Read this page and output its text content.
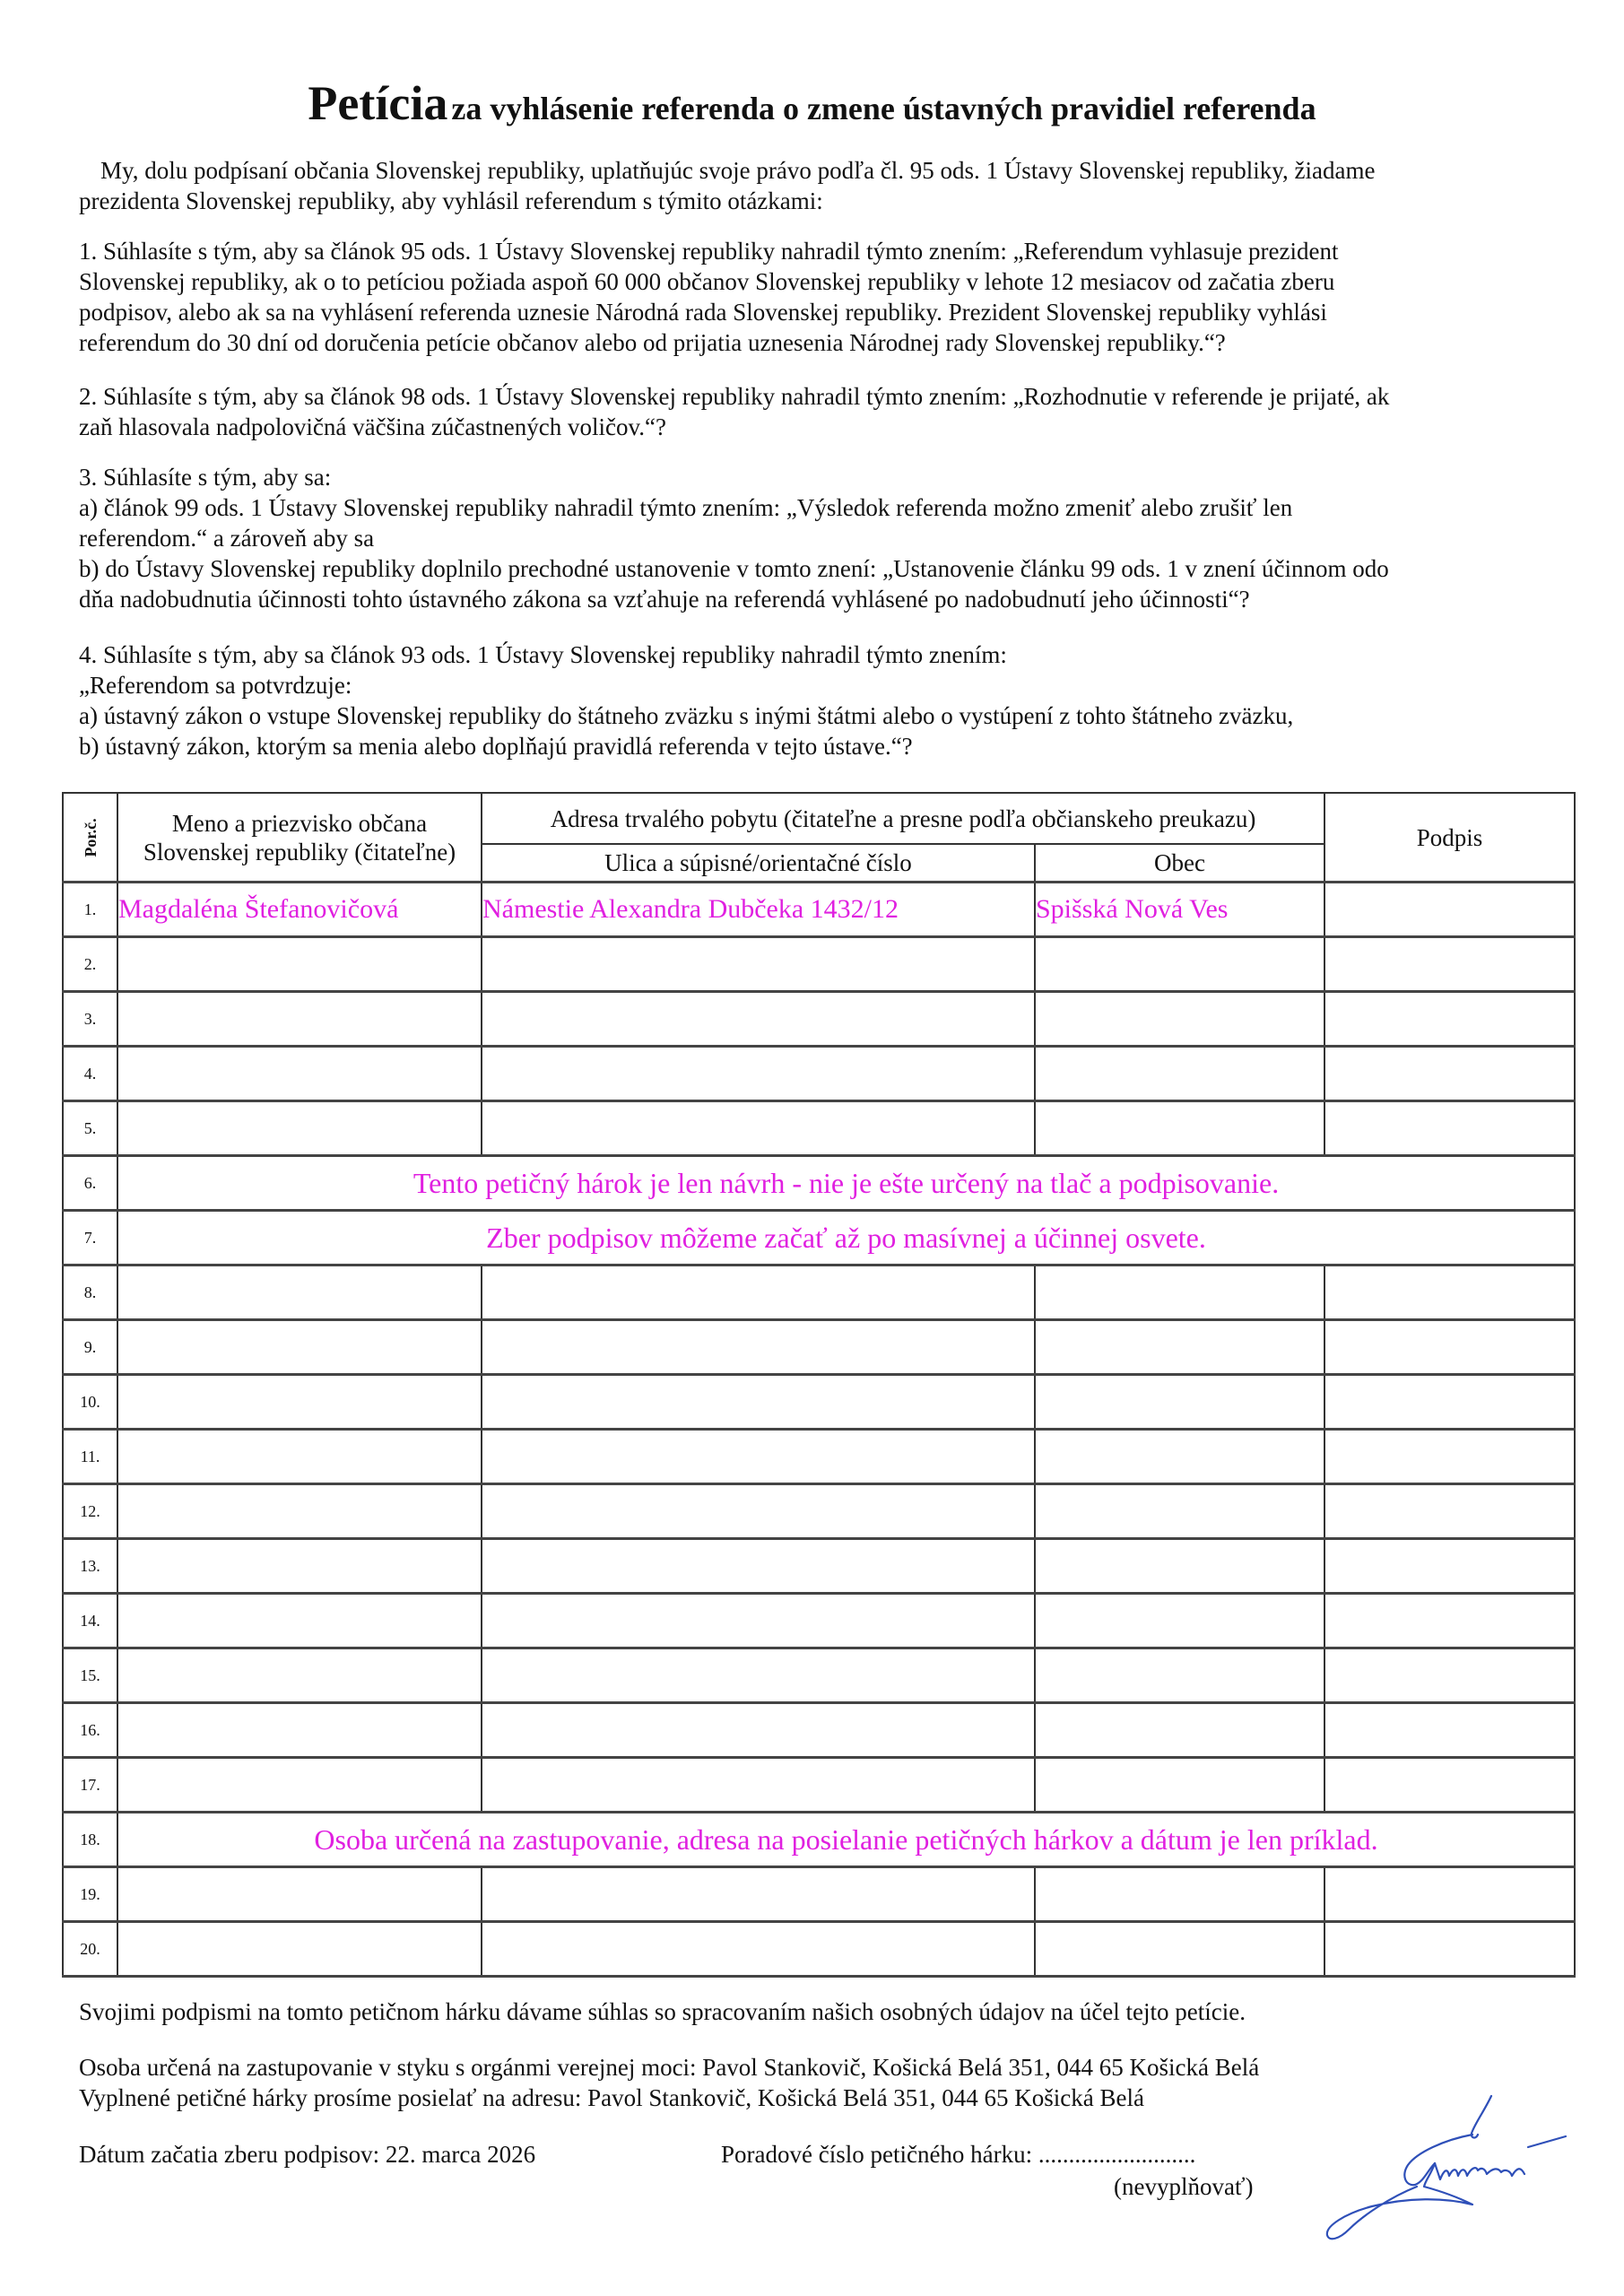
Petícia za vyhlásenie referenda o zmene ústavných pravidiel referenda

My, dolu podpísaní občania Slovenskej republiky, uplatňujúc svoje právo podľa čl. 95 ods. 1 Ústavy Slovenskej republiky, žiadame
prezidenta Slovenskej republiky, aby vyhlásil referendum s týmito otázkami:

1. Súhlasíte s tým, aby sa článok 95 ods. 1 Ústavy Slovenskej republiky nahradil týmto znením: „Referendum vyhlasuje prezident
Slovenskej republiky, ak o to petíciou požiada aspoň 60 000 občanov Slovenskej republiky v lehote 12 mesiacov od začatia zberu
podpisov, alebo ak sa na vyhlásení referenda uznesie Národná rada Slovenskej republiky. Prezident Slovenskej republiky vyhlási
referendum do 30 dní od doručenia petície občanov alebo od prijatia uznesenia Národnej rady Slovenskej republiky.“?

2. Súhlasíte s tým, aby sa článok 98 ods. 1 Ústavy Slovenskej republiky nahradil týmto znením: „Rozhodnutie v referende je prijaté, ak
zaň hlasovala nadpolovičná väčšina zúčastnených voličov.“?

3. Súhlasíte s tým, aby sa:
a) článok 99 ods. 1 Ústavy Slovenskej republiky nahradil týmto znením: „Výsledok referenda možno zmeniť alebo zrušiť len
referendom.“ a zároveň aby sa
b) do Ústavy Slovenskej republiky doplnilo prechodné ustanovenie v tomto znení: „Ustanovenie článku 99 ods. 1 v znení účinnom odo
dňa nadobudnutia účinnosti tohto ústavného zákona sa vzťahuje na referendá vyhlásené po nadobudnutí jeho účinnosti“?

4. Súhlasíte s tým, aby sa článok 93 ods. 1 Ústavy Slovenskej republiky nahradil týmto znením:
„Referendom sa potvrdzuje:
a) ústavný zákon o vstupe Slovenskej republiky do štátneho zväzku s inými štátmi alebo o vystúpení z tohto štátneho zväzku,
b) ústavný zákon, ktorým sa menia alebo doplňajú pravidlá referenda v tejto ústave.“?

Por.č.	Meno a priezvisko občana
Slovenskej republiky (čitateľne)	Adresa trvalého pobytu (čitateľne a presne podľa občianskeho preukazu)		Podpis
		Ulica a súpisné/orientačné číslo	Obec	
1.	Magdaléna Štefanovičová	Námestie Alexandra Dubčeka 1432/12	Spišská Nová Ves	
2.				
3.				
4.				
5.				
6.	Tento petičný hárok je len návrh - nie je ešte určený na tlač a podpisovanie.			
7.	Zber podpisov môžeme začať až po masívnej a účinnej osvete.			
8.				
9.				
10.				
11.				
12.				
13.				
14.				
15.				
16.				
17.				
18.	Osoba určená na zastupovanie, adresa na posielanie petičných hárkov a dátum je len príklad.			
19.				
20.				
Svojimi podpismi na tomto petičnom hárku dávame súhlas so spracovaním našich osobných údajov na účel tejto petície.
Osoba určená na zastupovanie v styku s orgánmi verejnej moci: Pavol Stankovič, Košická Belá 351, 044 65 Košická Belá
Vyplnené petičné hárky prosíme posielať na adresu: Pavol Stankovič, Košická Belá 351, 044 65 Košická Belá
Dátum začatia zberu podpisov: 22. marca 2026	Poradové číslo petičného hárku: ..........................
(nevyplňovať)
